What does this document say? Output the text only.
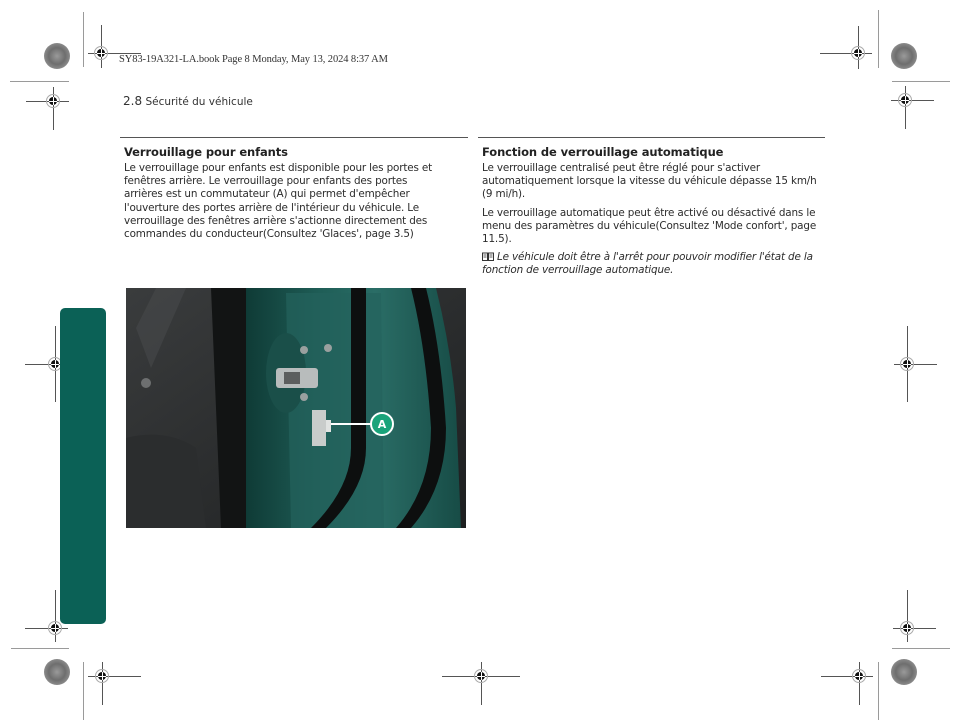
SY83-19A321-LA.book Page 8 Monday, May 13, 2024 8:37 AM
2.8 Sécurité du véhicule
Verrouillage pour enfants

Le verrouillage pour enfants est disponible pour les portes et fenêtres arrière. Le verrouillage pour enfants des portes arrières est un commutateur (A) qui permet d'empêcher l'ouverture des portes arrière de l'intérieur du véhicule. Le verrouillage des fenêtres arrière s'actionne directement des commandes du conducteur(Consultez 'Glaces', page 3.5)

A
Fonction de verrouillage automatique

Le verrouillage centralisé peut être réglé pour s'activer automatiquement lorsque la vitesse du véhicule dépasse 15 km/h (9 mi/h).

Le verrouillage automatique peut être activé ou désactivé dans le menu des paramètres du véhicule(Consultez 'Mode confort', page 11.5).

Le véhicule doit être à l'arrêt pour pouvoir modifier l'état de la fonction de verrouillage automatique.
